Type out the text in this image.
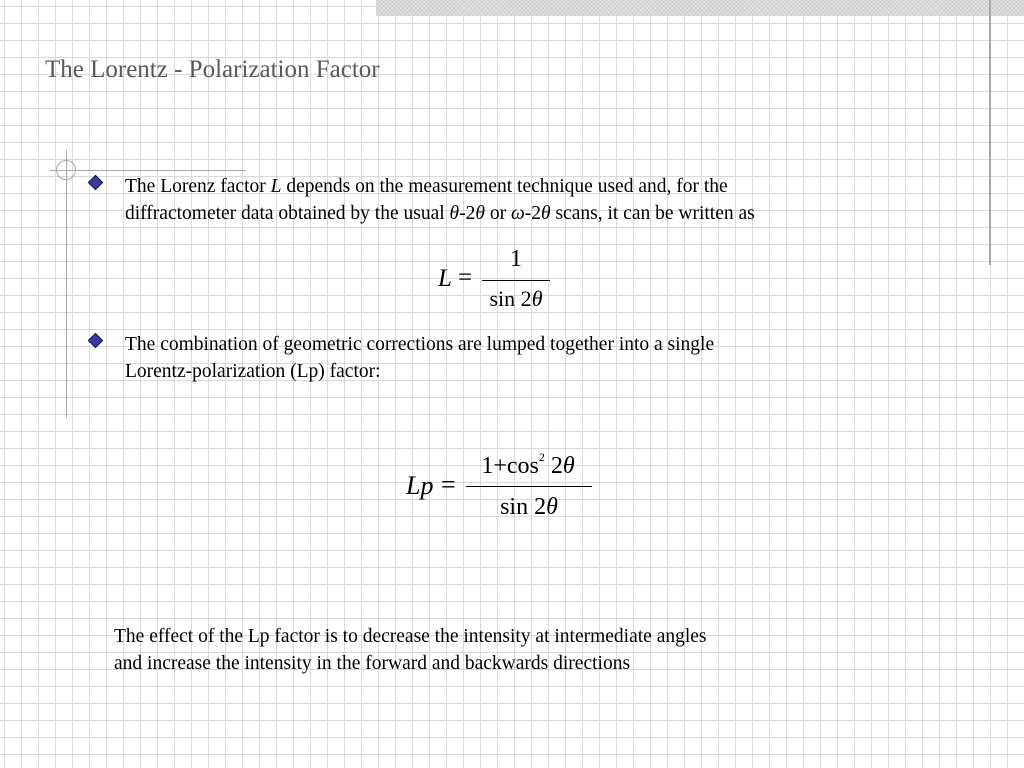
The Lorentz - Polarization Factor
The Lorenz factor L depends on the measurement technique used and, for the
diffractometer data obtained by the usual θ-2θ or ω-2θ scans, it can be written as
L =
1
sin 2θ
The combination of geometric corrections are lumped together into a single
Lorentz-polarization (Lp) factor:
Lp =
$1+\cos^2$ 2θ
sin 2θ
The effect of the Lp factor is to decrease the intensity at intermediate angles
and increase the intensity in the forward and backwards directions
